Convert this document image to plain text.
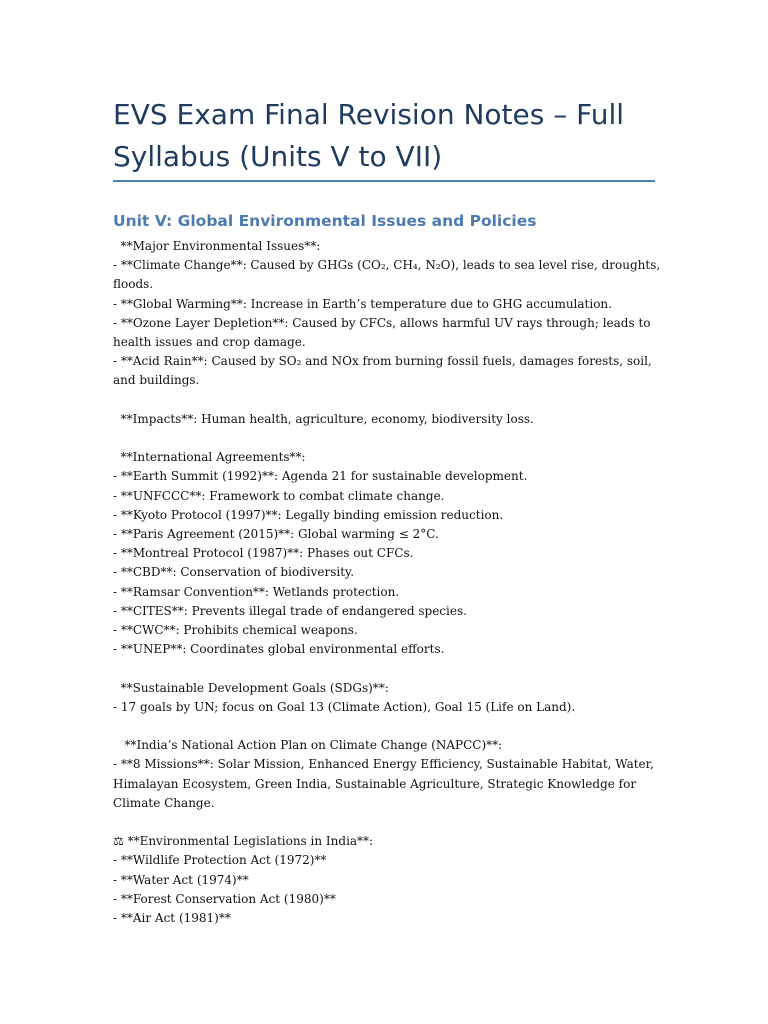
EVS Exam Final Revision Notes – Full Syllabus (Units V to VII)
Unit V: Global Environmental Issues and Policies

**Major Environmental Issues**:

- **Climate Change**: Caused by GHGs (CO₂, CH₄, N₂O), leads to sea level rise, droughts, floods.

- **Global Warming**: Increase in Earth’s temperature due to GHG accumulation.

- **Ozone Layer Depletion**: Caused by CFCs, allows harmful UV rays through; leads to health issues and crop damage.

- **Acid Rain**: Caused by SO₂ and NOx from burning fossil fuels, damages forests, soil, and buildings.

**Impacts**: Human health, agriculture, economy, biodiversity loss.

**International Agreements**:

- **Earth Summit (1992)**: Agenda 21 for sustainable development.

- **UNFCCC**: Framework to combat climate change.

- **Kyoto Protocol (1997)**: Legally binding emission reduction.

- **Paris Agreement (2015)**: Global warming ≤ 2°C.

- **Montreal Protocol (1987)**: Phases out CFCs.

- **CBD**: Conservation of biodiversity.

- **Ramsar Convention**: Wetlands protection.

- **CITES**: Prevents illegal trade of endangered species.

- **CWC**: Prohibits chemical weapons.

- **UNEP**: Coordinates global environmental efforts.

**Sustainable Development Goals (SDGs)**:

- 17 goals by UN; focus on Goal 13 (Climate Action), Goal 15 (Life on Land).

**India’s National Action Plan on Climate Change (NAPCC)**:

- **8 Missions**: Solar Mission, Enhanced Energy Efficiency, Sustainable Habitat, Water, Himalayan Ecosystem, Green India, Sustainable Agriculture, Strategic Knowledge for Climate Change.

⚖ **Environmental Legislations in India**:

- **Wildlife Protection Act (1972)**

- **Water Act (1974)**

- **Forest Conservation Act (1980)**

- **Air Act (1981)**
